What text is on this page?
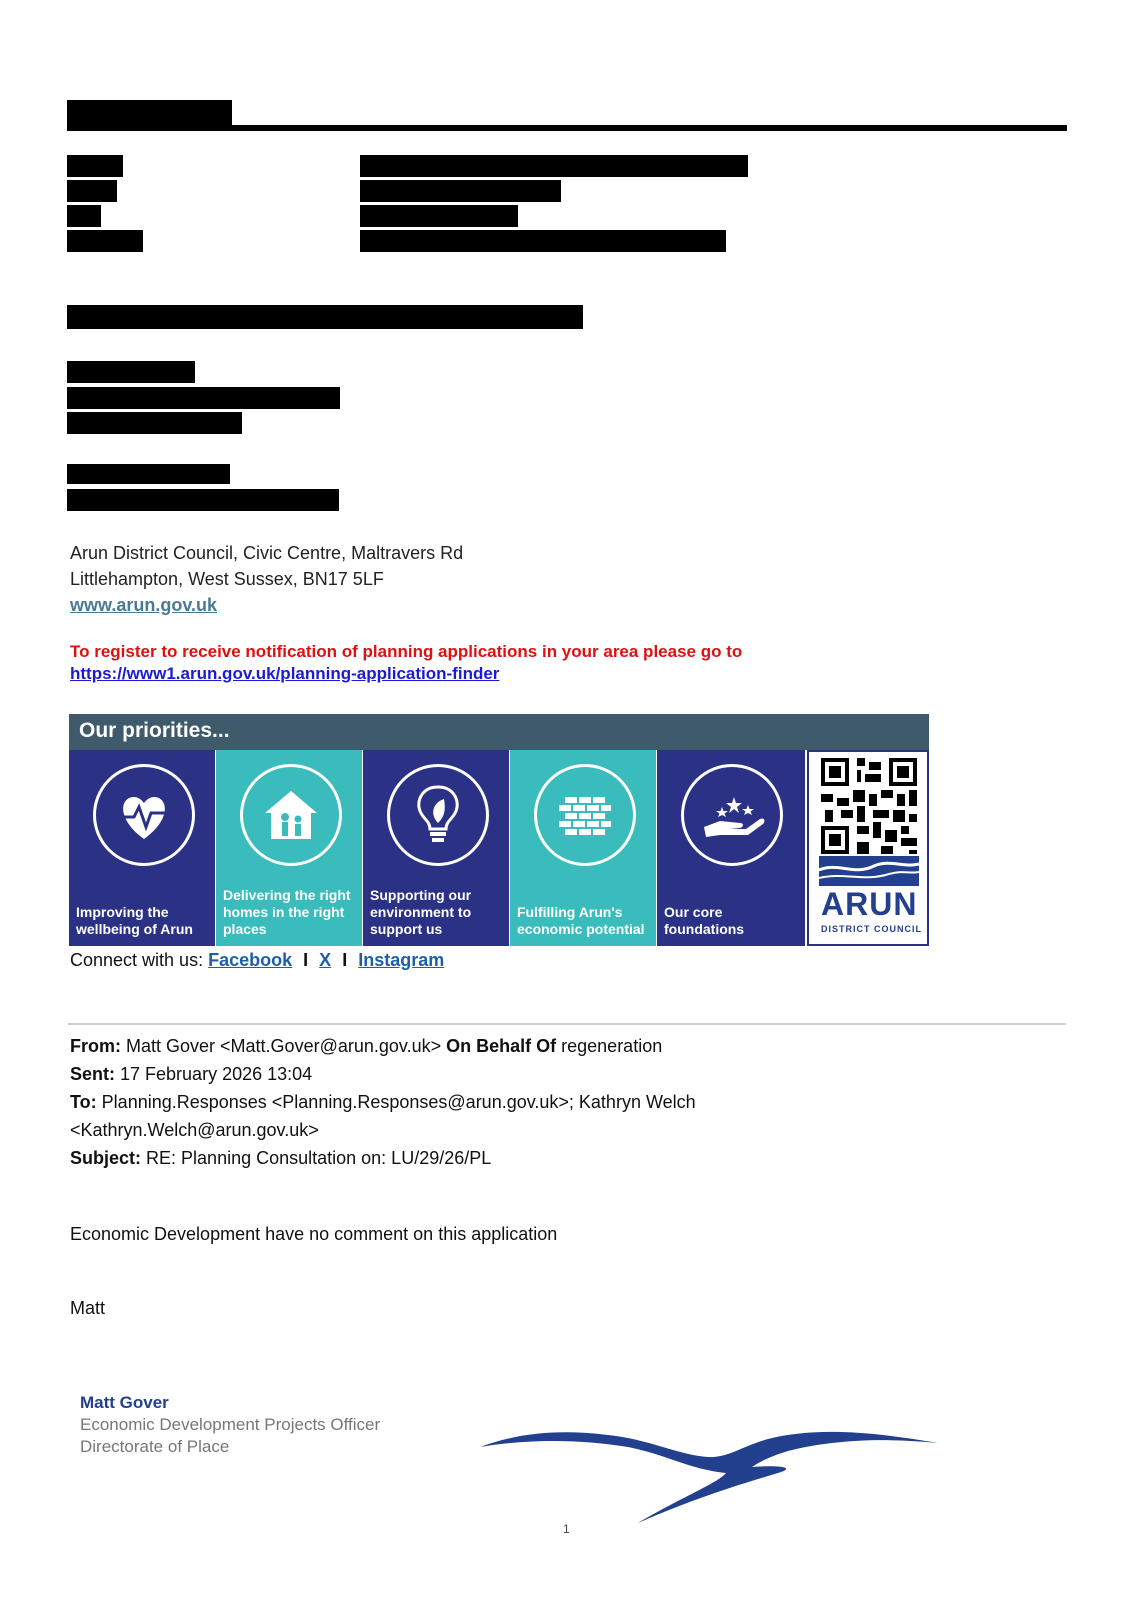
Arun District Council, Civic Centre, Maltravers Rd
Littlehampton, West Sussex, BN17 5LF
www.arun.gov.uk
To register to receive notification of planning applications in your area please go to
https://www1.arun.gov.uk/planning-application-finder
Our priorities...
Improving the wellbeing of Arun
Delivering the right homes in the right places
Supporting our environment to support us
Fulfilling Arun's economic potential
Our core foundations
ARUN
DISTRICT COUNCIL
Connect with us: Facebook I X I Instagram
From: Matt Gover <Matt.Gover@arun.gov.uk> On Behalf Of regeneration
Sent: 17 February 2026 13:04
To: Planning.Responses <Planning.Responses@arun.gov.uk>; Kathryn Welch
<Kathryn.Welch@arun.gov.uk>
Subject: RE: Planning Consultation on: LU/29/26/PL
Economic Development have no comment on this application
Matt
Matt Gover
Economic Development Projects Officer
Directorate of Place
1
